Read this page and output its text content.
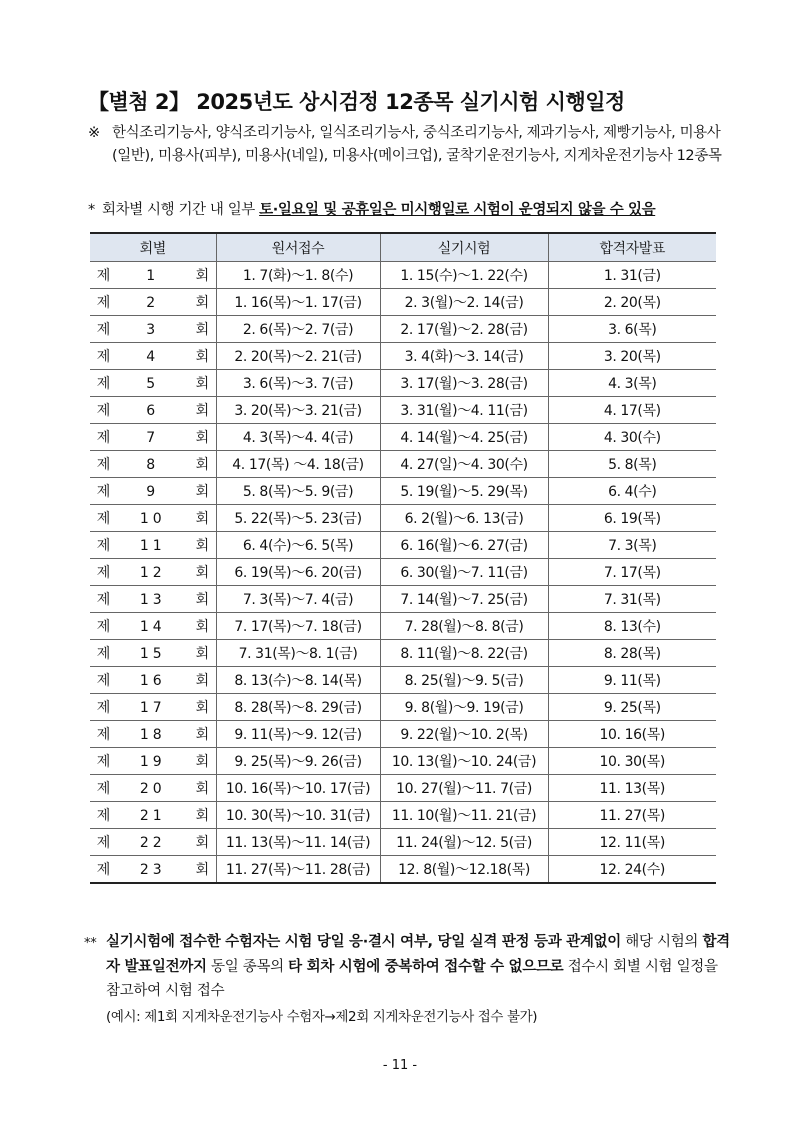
【별첨 2】 2025년도 상시검정 12종목 실기시험 시행일정
※ 한식조리기능사, 양식조리기능사, 일식조리기능사, 중식조리기능사, 제과기능사, 제빵기능사, 미용사(일반), 미용사(피부), 미용사(네일), 미용사(메이크업), 굴착기운전기능사, 지게차운전기능사 12종목
* 회차별 시행 기간 내 일부 토·일요일 및 공휴일은 미시행일로 시험이 운영되지 않을 수 있음
회별	원서접수	실기시험	합격자발표
제 1 회	1. 7(화)～1. 8(수)	1. 15(수)～1. 22(수)	1. 31(금)
제 2 회	1. 16(목)～1. 17(금)	2. 3(월)～2. 14(금)	2. 20(목)
제 3 회	2. 6(목)～2. 7(금)	2. 17(월)～2. 28(금)	3. 6(목)
제 4 회	2. 20(목)～2. 21(금)	3. 4(화)～3. 14(금)	3. 20(목)
제 5 회	3. 6(목)～3. 7(금)	3. 17(월)～3. 28(금)	4. 3(목)
제 6 회	3. 20(목)～3. 21(금)	3. 31(월)～4. 11(금)	4. 17(목)
제 7 회	4. 3(목)～4. 4(금)	4. 14(월)～4. 25(금)	4. 30(수)
제 8 회	4. 17(목) ～4. 18(금)	4. 27(일)～4. 30(수)	5. 8(목)
제 9 회	5. 8(목)～5. 9(금)	5. 19(월)～5. 29(목)	6. 4(수)
제 10 회	5. 22(목)～5. 23(금)	6. 2(월)～6. 13(금)	6. 19(목)
제 11 회	6. 4(수)～6. 5(목)	6. 16(월)～6. 27(금)	7. 3(목)
제 12 회	6. 19(목)～6. 20(금)	6. 30(월)～7. 11(금)	7. 17(목)
제 13 회	7. 3(목)～7. 4(금)	7. 14(월)～7. 25(금)	7. 31(목)
제 14 회	7. 17(목)～7. 18(금)	7. 28(월)～8. 8(금)	8. 13(수)
제 15 회	7. 31(목)～8. 1(금)	8. 11(월)～8. 22(금)	8. 28(목)
제 16 회	8. 13(수)～8. 14(목)	8. 25(월)～9. 5(금)	9. 11(목)
제 17 회	8. 28(목)～8. 29(금)	9. 8(월)～9. 19(금)	9. 25(목)
제 18 회	9. 11(목)～9. 12(금)	9. 22(월)～10. 2(목)	10. 16(목)
제 19 회	9. 25(목)～9. 26(금)	10. 13(월)～10. 24(금)	10. 30(목)
제 20 회	10. 16(목)～10. 17(금)	10. 27(월)～11. 7(금)	11. 13(목)
제 21 회	10. 30(목)～10. 31(금)	11. 10(월)～11. 21(금)	11. 27(목)
제 22 회	11. 13(목)～11. 14(금)	11. 24(월)～12. 5(금)	12. 11(목)
제 23 회	11. 27(목)～11. 28(금)	12. 8(월)～12.18(목)	12. 24(수)
** 실기시험에 접수한 수험자는 시험 당일 응·결시 여부, 당일 실격 판정 등과 관계없이 해당 시험의 합격자 발표일전까지 동일 종목의 타 회차 시험에 중복하여 접수할 수 없으므로 접수시 회별 시험 일정을 참고하여 시험 접수
(예시: 제1회 지게차운전기능사 수험자→제2회 지게차운전기능사 접수 불가)
- 11 -
